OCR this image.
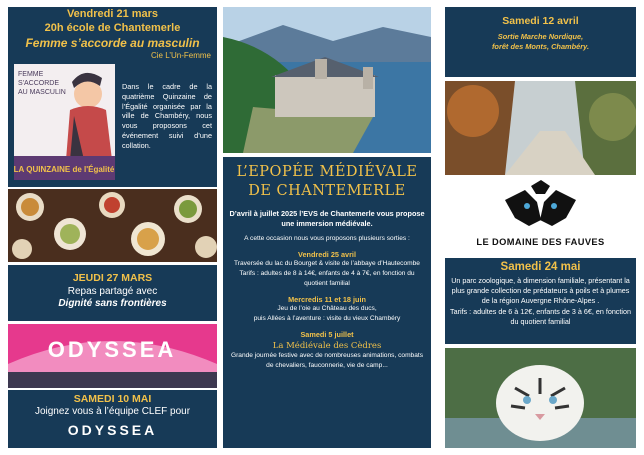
Vendredi 21 mars

20h école de Chantemerle

Femme s’accorde au masculin

Cie L’Un-Femme

FEMME
S'ACCORDE
AU MASCULIN
LA QUINZAINE de l'Égalité

Dans le cadre de la quatrième Quinzaine de l’Égalité organisée par la ville de Chambéry, nous vous proposons cet événement suivi d’une collation.

JEUDI 27 MARS

Repas partagé avec

Dignité sans frontières

ODYSSEA

SAMEDI 10 MAI

Joignez vous à l’équipe CLEF pour

ODYSSEA

L’EPOPÉE MÉDIÉVALE

DE CHANTEMERLE

D’avril à juillet 2025 l’EVS de Chantemerle vous propose une immersion médiévale.

A cette occasion nous vous proposons plusieurs sorties :

Vendredi 25 avril

Traversée du lac du Bourget & visite de l’abbaye d’Hautecombe

Tarifs : adultes de 8 à 14€, enfants de 4 à 7€, en fonction du quotient familial

Mercredis 11 et 18 juin

Jeu de l’oie au Château des ducs,

puis Allées à l’aventure : visite du vieux Chambéry

Samedi 5 juillet

La Médiévale des Cèdres

Grande journée festive avec de nombreuses animations, combats de chevaliers, fauconnerie, vie de camp...

Samedi 12 avril

Sortie Marche Nordique,

forêt des Monts, Chambéry.

LE DOMAINE DES FAUVES

Samedi 24 mai

Un parc zoologique, à dimension familiale, présentant la plus grande collection de prédateurs à poils et à plumes de la région Auvergne Rhône-Alpes .

Tarifs : adultes de 6 à 12€, enfants de 3 à 6€, en fonction du quotient familial
